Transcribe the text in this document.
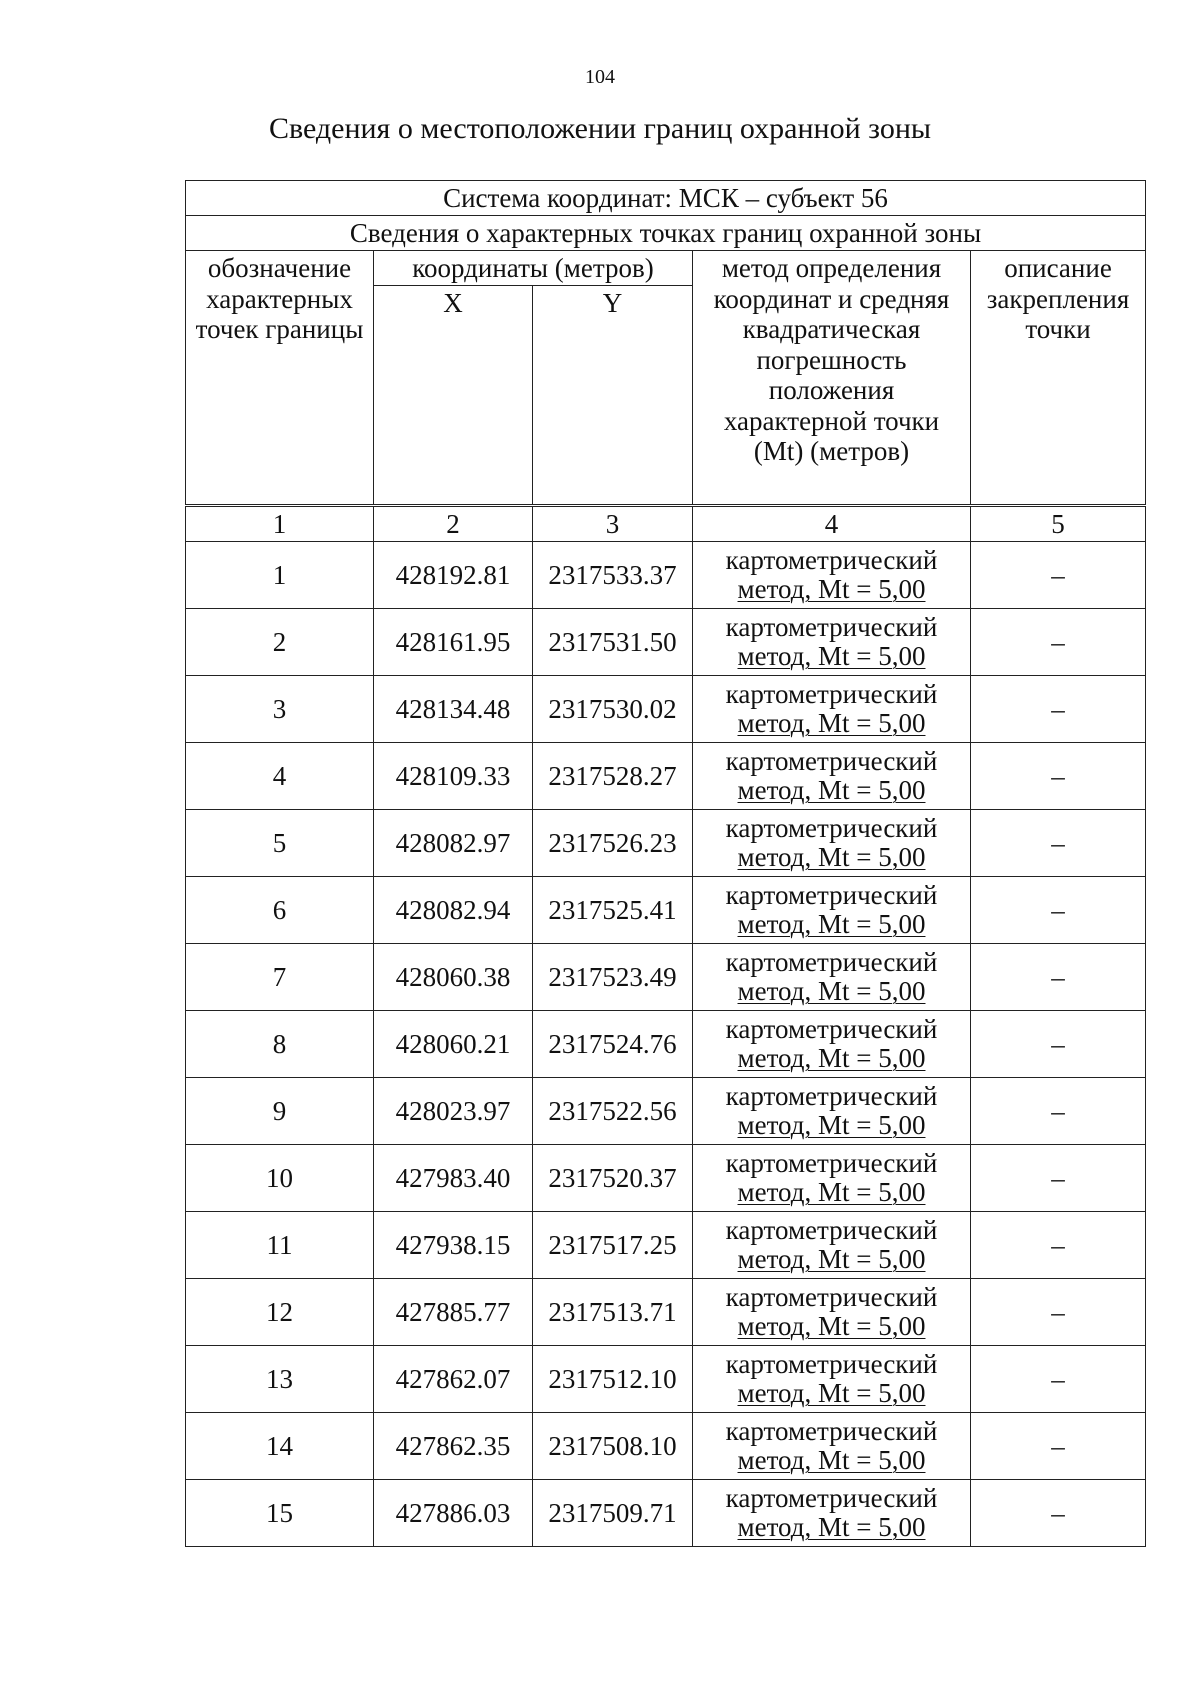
104
Сведения о местоположении границ охранной зоны
Система координат: МСК – субъект 56				
Сведения о характерных точках границ охранной зоны				
обозначение характерных точек границы	координаты (метров)		метод определения координат и средняя квадратическая погрешность положения характерной точки (Mt) (метров)	описание закрепления точки
	X	Y		
1	2	3	4	5
1	428192.81	2317533.37	картометрический
метод, Mt = 5,00	–
2	428161.95	2317531.50	картометрический
метод, Mt = 5,00	–
3	428134.48	2317530.02	картометрический
метод, Mt = 5,00	–
4	428109.33	2317528.27	картометрический
метод, Mt = 5,00	–
5	428082.97	2317526.23	картометрический
метод, Mt = 5,00	–
6	428082.94	2317525.41	картометрический
метод, Mt = 5,00	–
7	428060.38	2317523.49	картометрический
метод, Mt = 5,00	–
8	428060.21	2317524.76	картометрический
метод, Mt = 5,00	–
9	428023.97	2317522.56	картометрический
метод, Mt = 5,00	–
10	427983.40	2317520.37	картометрический
метод, Mt = 5,00	–
11	427938.15	2317517.25	картометрический
метод, Mt = 5,00	–
12	427885.77	2317513.71	картометрический
метод, Mt = 5,00	–
13	427862.07	2317512.10	картометрический
метод, Mt = 5,00	–
14	427862.35	2317508.10	картометрический
метод, Mt = 5,00	–
15	427886.03	2317509.71	картометрический
метод, Mt = 5,00	–
